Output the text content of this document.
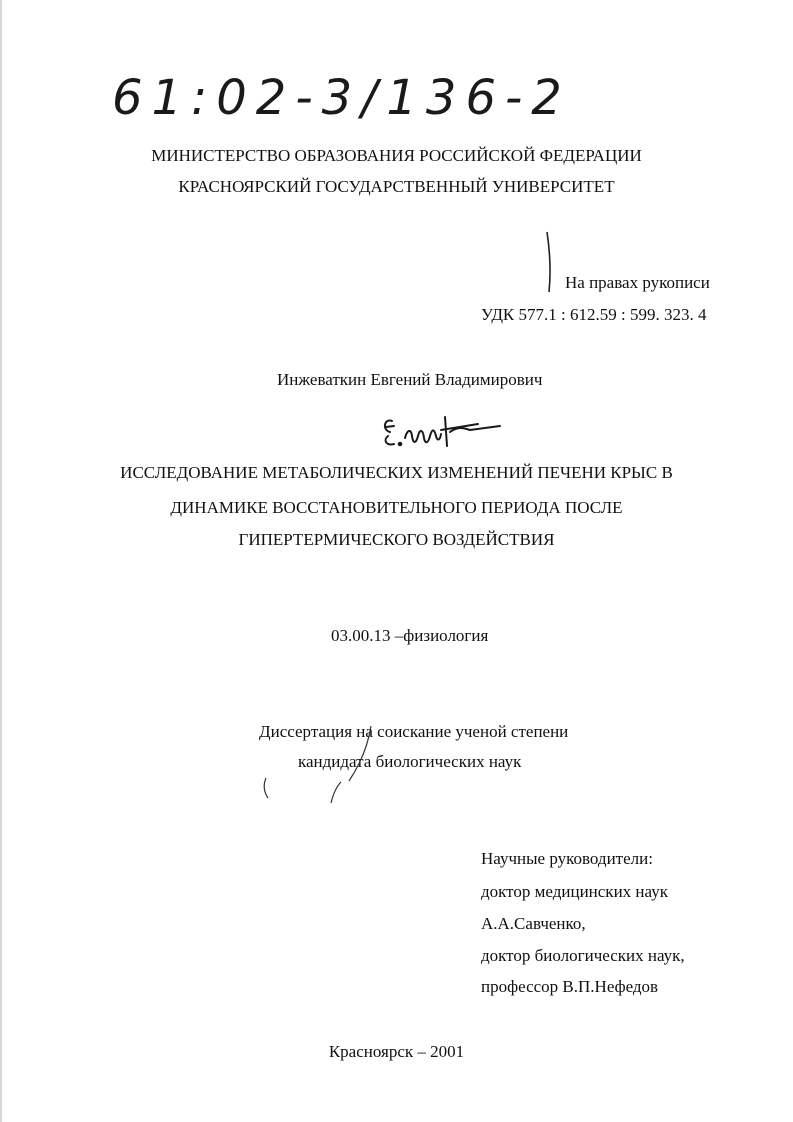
61:02-3/136-2
МИНИСТЕРСТВО ОБРАЗОВАНИЯ РОССИЙСКОЙ ФЕДЕРАЦИИ
КРАСНОЯРСКИЙ ГОСУДАРСТВЕННЫЙ УНИВЕРСИТЕТ
На правах рукописи
УДК 577.1 : 612.59 : 599. 323. 4
Инжеваткин Евгений Владимирович
ИССЛЕДОВАНИЕ МЕТАБОЛИЧЕСКИХ ИЗМЕНЕНИЙ ПЕЧЕНИ КРЫС В
ДИНАМИКЕ ВОССТАНОВИТЕЛЬНОГО ПЕРИОДА ПОСЛЕ
ГИПЕРТЕРМИЧЕСКОГО ВОЗДЕЙСТВИЯ
03.00.13 –физиология
Диссертация на соискание ученой степени
кандидата биологических наук
Научные руководители:
доктор медицинских наук
А.А.Савченко,
доктор биологических наук,
профессор В.П.Нефедов
Красноярск – 2001
